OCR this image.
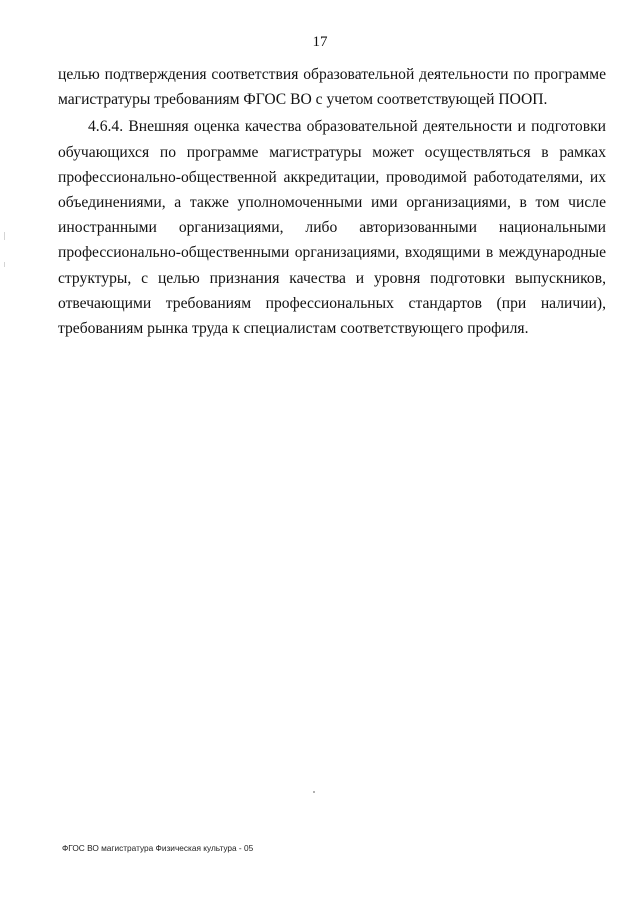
17

целью подтверждения соответствия образовательной деятельности по программе магистратуры требованиям ФГОС ВО с учетом соответствующей ПООП.

4.6.4. Внешняя оценка качества образовательной деятельности и подготовки обучающихся по программе магистратуры может осуществляться в рамках профессионально-общественной аккредитации, проводимой работодателями, их объединениями, а также уполномоченными ими организациями, в том числе иностранными организациями, либо авторизованными национальными профессионально-общественными организациями, входящими в международные структуры, с целью признания качества и уровня подготовки выпускников, отвечающими требованиям профессиональных стандартов (при наличии), требованиям рынка труда к специалистам соответствующего профиля.

ФГОС ВО магистратура Физическая культура - 05
